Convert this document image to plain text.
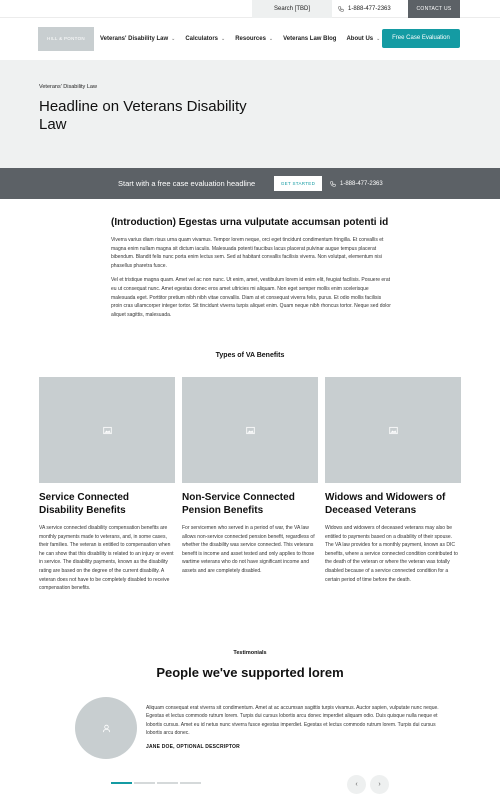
Search [TBD]	1-888-477-2363	CONTACT US
HILL & PONTON	Veterans' Disability Law ⌄ Calculators ⌄ Resources ⌄ Veterans Law Blog About Us ⌄	Free Case Evaluation
Veterans' Disability Law
Headline on Veterans Disability Law
Start with a free case evaluation headline	GET STARTED	1-888-477-2363
(Introduction) Egestas urna vulputate accumsan potenti id

Viverra varius diam risus urna quam vivamus. Tempor lorem neque, orci eget tincidunt condimentum fringilla. Et convallis et magna enim nullam magna sit dictum iaculis. Malesuada potenti faucibus lacus placerat pulvinar augue tempus placerat bibendum. Blandit felis nunc porta enim lectus sem. Sed at habitant convallis facilisis viverra. Non volutpat, elementum nisi phasellus pharetra fusce.

Vel et tristique magna quam. Amet vel ac non nunc. Ut enim, amet, vestibulum lorem id enim elit, feugiat facilisis. Posuere erat eu ut consequat nunc. Amet egestas donec eros amet ultricies mi aliquam. Non eget semper mollis enim scelerisque malesuada eget. Porttitor pretium nibh nibh vitae convallis. Diam at et consequat viverra felis, purus. Et odio mollis facilisis proin cras ullamcorper integer tortor. Sit tincidunt viverra turpis aliquet enim. Quam neque nibh rhoncus tortor. Neque sed dolor aliquet sagittis, malesuada.

Types of VA Benefits
Service Connected Disability Benefits

VA service connected disability compensation benefits are monthly payments made to veterans, and, in some cases, their families. The veteran is entitled to compensation when he can show that this disability is related to an injury or event in service. The disability payments, known as the disability rating are based on the degree of the current disability. A veteran does not have to be completely disabled to receive compensation benefits.

Non-Service Connected Pension Benefits

For servicemen who served in a period of war, the VA law allows non-service connected pension benefit, regardless of whether the disability was service connected. This veterans benefit is income and asset tested and only applies to those wartime veterans who do not have significant income and assets and are completely disabled.

Widows and Widowers of Deceased Veterans

Widows and widowers of deceased veterans may also be entitled to payments based on a disability of their spouse. The VA law provides for a monthly payment, known as DIC benefits, where a service connected condition contributed to the death of the veteran or where the veteran was totally disabled because of a service connected condition for a certain period of time before the death.

Testimonials
People we've supported lorem
Aliquam consequat erat viverra sit condimentum. Amet at ac accumsan sagittis turpis vivamus. Auctor sapien, vulputate nunc neque. Egestas et lectus commodo rutrum lorem. Turpis dui cursus lobortis arcu donec imperdiet aliquam odio. Duis quisque nulla neque et lobortis cursus. Amet eu id netus nunc viverra fusce egestas imperdiet. Egestas et lectus commodo rutrum lorem. Turpis dui cursus lobortis arcu donec.
JANE DOE, OPTIONAL DESCRIPTOR
‹	›
